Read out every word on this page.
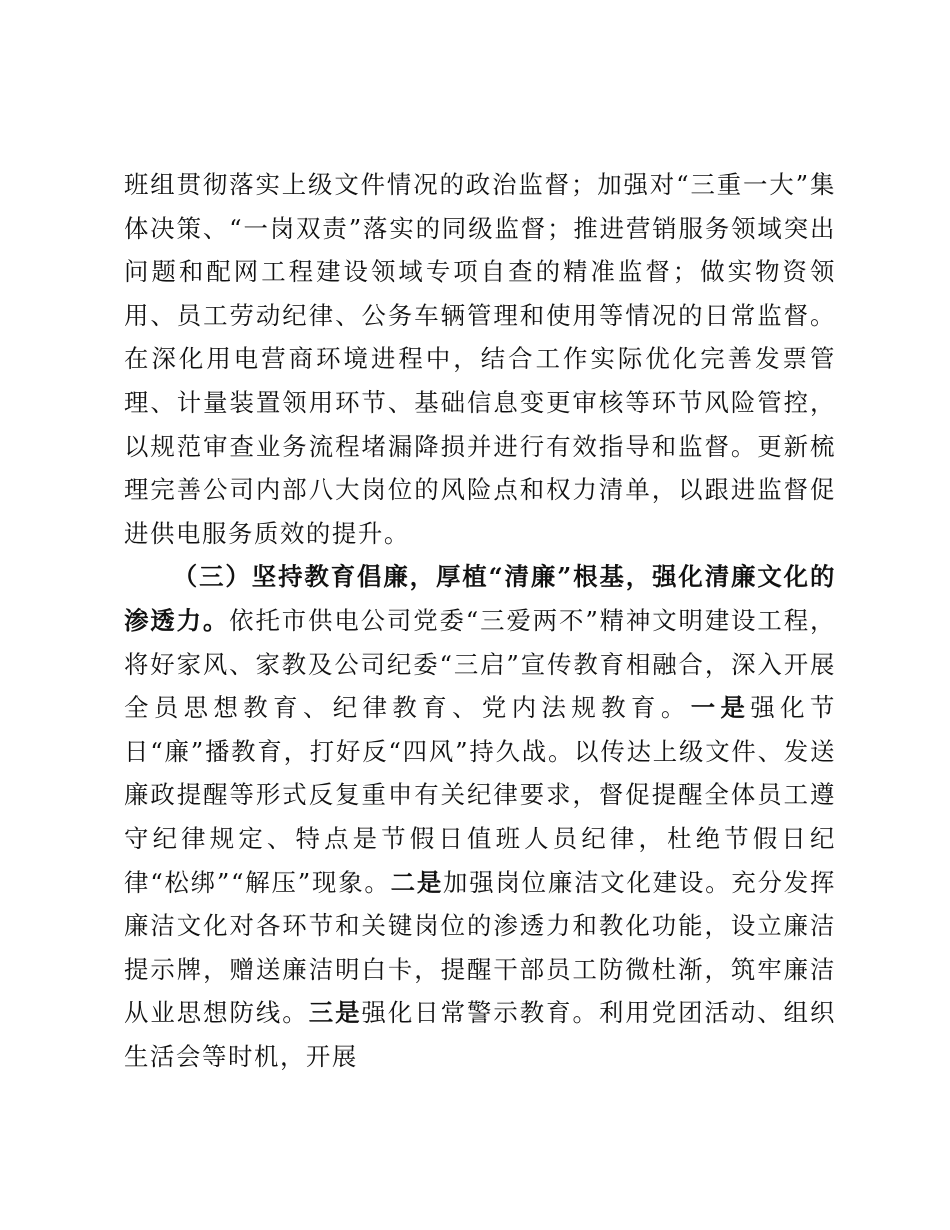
班组贯彻落实上级文件情况的政治监督；加强对“三重一大”集体决策、“一岗双责”落实的同级监督；推进营销服务领域突出问题和配网工程建设领域专项自查的精准监督；做实物资领用、员工劳动纪律、公务车辆管理和使用等情况的日常监督。在深化用电营商环境进程中，结合工作实际优化完善发票管理、计量装置领用环节、基础信息变更审核等环节风险管控，以规范审查业务流程堵漏降损并进行有效指导和监督。更新梳理完善公司内部八大岗位的风险点和权力清单，以跟进监督促进供电服务质效的提升。

（三）坚持教育倡廉，厚植“清廉”根基，强化清廉文化的渗透力。依托市供电公司党委“三爱两不”精神文明建设工程，将好家风、家教及公司纪委“三启”宣传教育相融合，深入开展全员思想教育、纪律教育、党内法规教育。一是强化节日“廉”播教育，打好反“四风”持久战。以传达上级文件、发送廉政提醒等形式反复重申有关纪律要求，督促提醒全体员工遵守纪律规定、特点是节假日值班人员纪律，杜绝节假日纪律“松绑”“解压”现象。二是加强岗位廉洁文化建设。充分发挥廉洁文化对各环节和关键岗位的渗透力和教化功能，设立廉洁提示牌，赠送廉洁明白卡，提醒干部员工防微杜渐，筑牢廉洁从业思想防线。三是强化日常警示教育。利用党团活动、组织生活会等时机，开展
